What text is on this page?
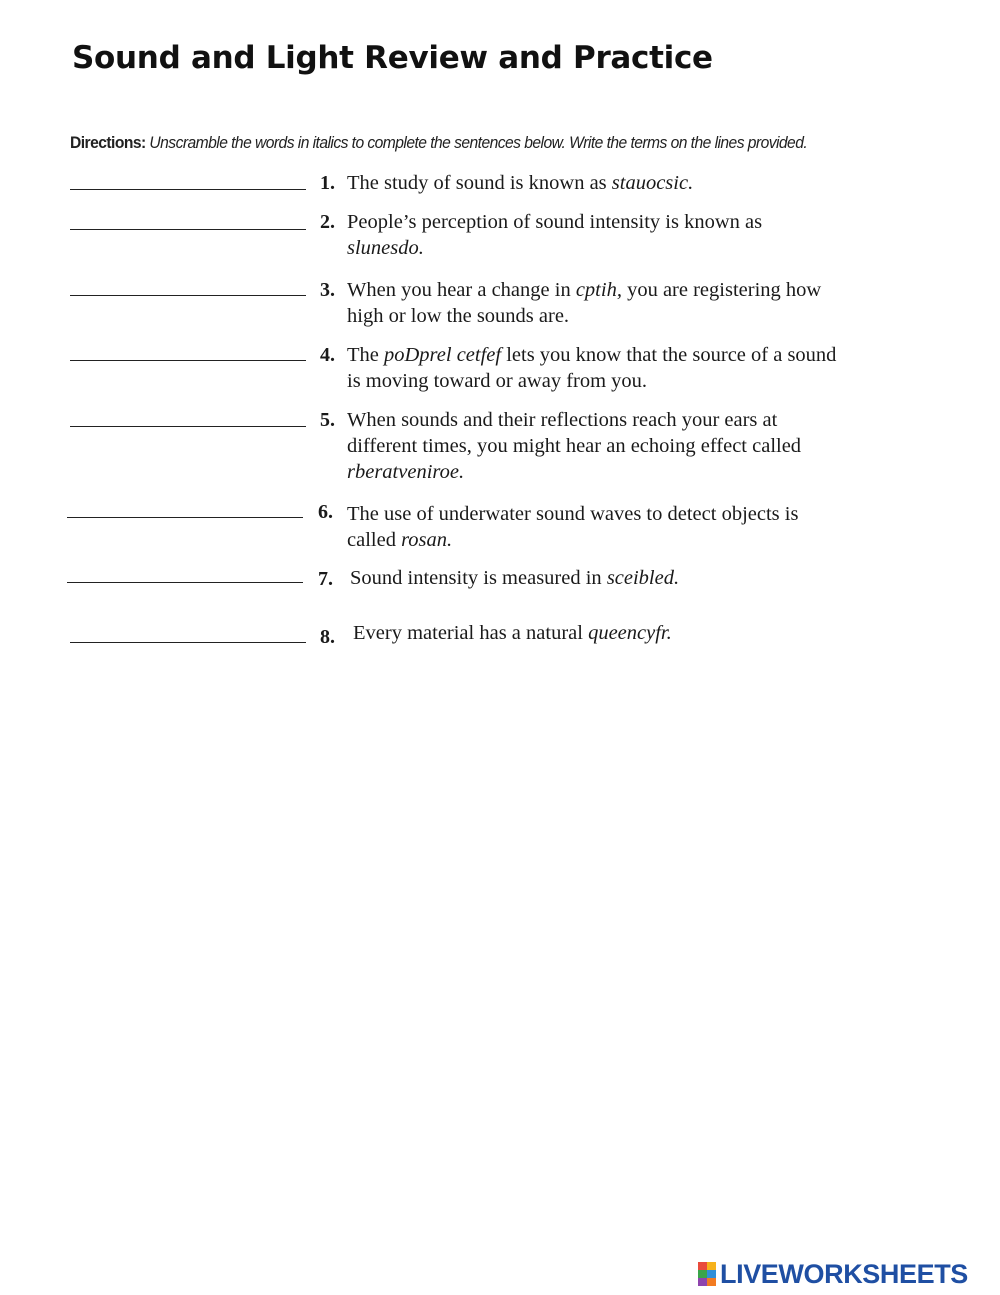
Sound and Light Review and Practice
Directions: Unscramble the words in italics to complete the sentences below. Write the terms on the lines provided.
1. The study of sound is known as stauocsic.
2. People’s perception of sound intensity is known as slunesdo.
3. When you hear a change in cptih, you are registering how high or low the sounds are.
4. The poDprel cetfef lets you know that the source of a sound is moving toward or away from you.
5. When sounds and their reflections reach your ears at different times, you might hear an echoing effect called rberatveniroe.
6. The use of underwater sound waves to detect objects is called rosan.
7. Sound intensity is measured in sceibled.
8. Every material has a natural queencyfr.
LIVEWORKSHEETS
